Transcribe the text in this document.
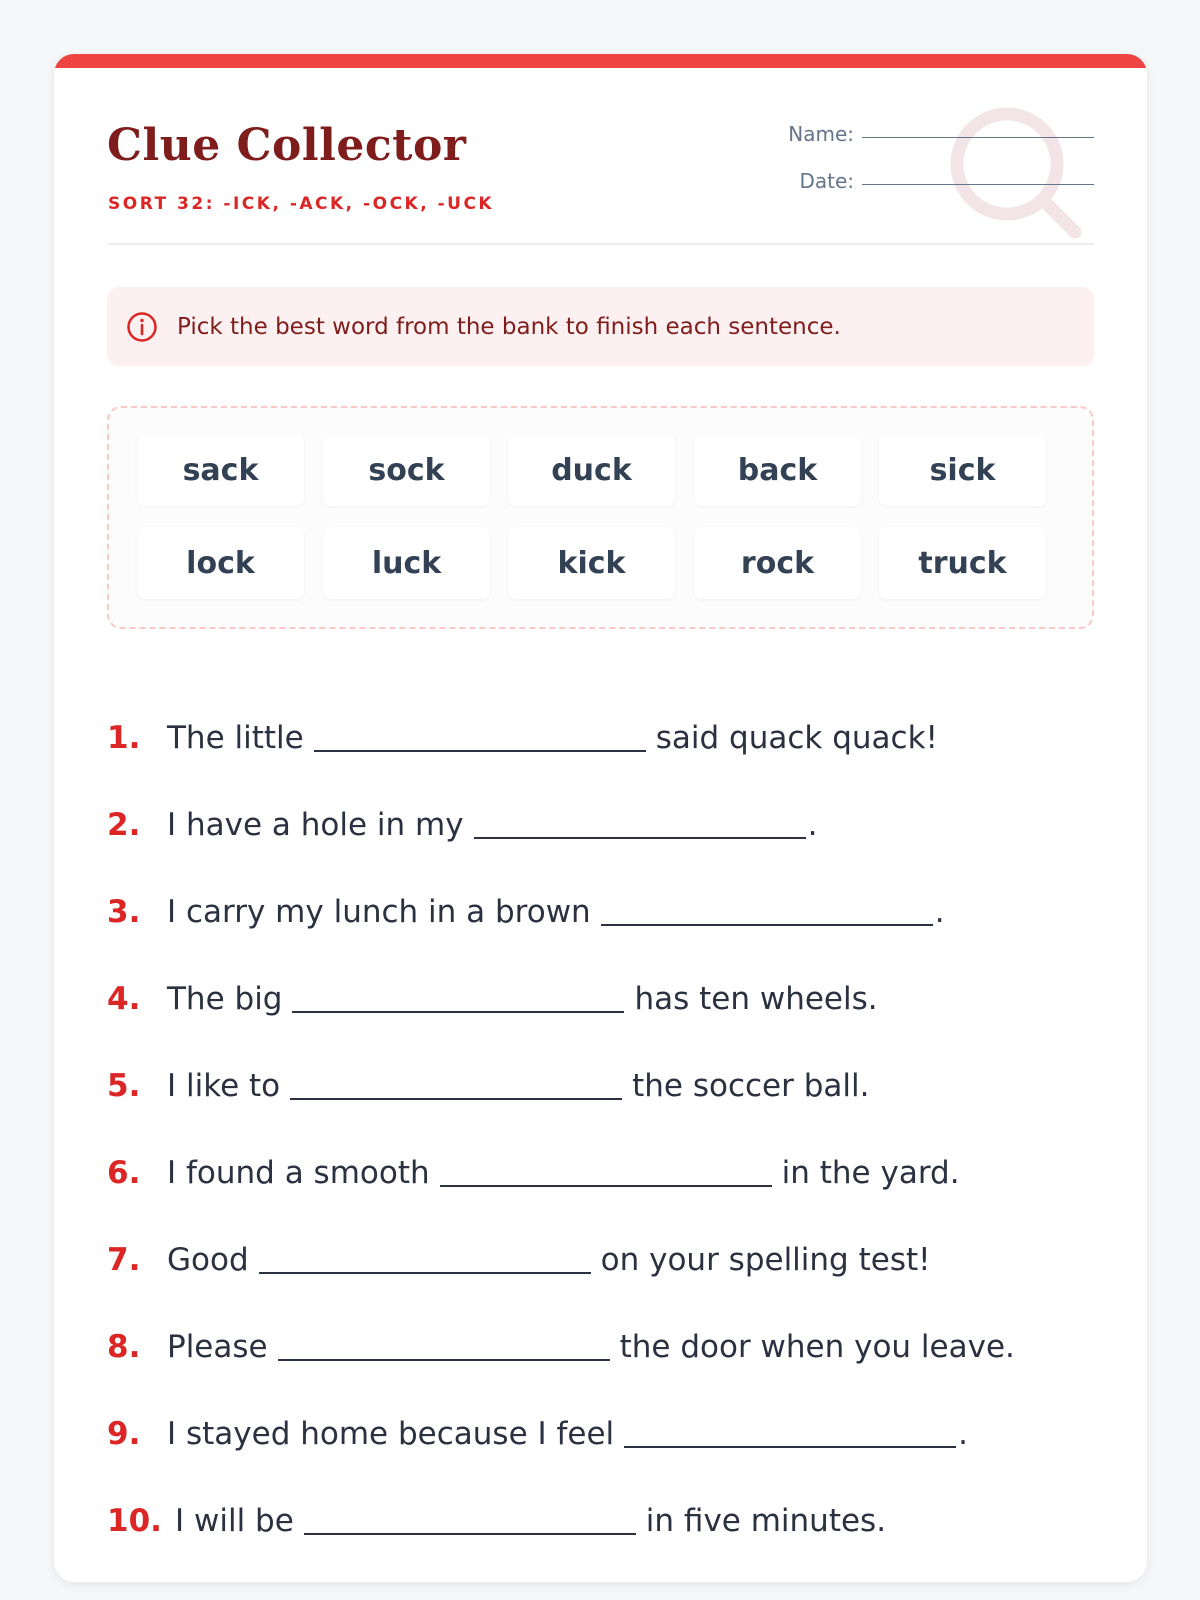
Clue Collector
SORT 32: -ICK, -ACK, -OCK, -UCK
Name:
Date:
Pick the best word from the bank to finish each sentence.
sack	sock	duck	back	sick
lock	luck	kick	rock	truck
1. The little	said quack quack!
2. I have a hole in my	.
3. I carry my lunch in a brown	.
4. The big	has ten wheels.
5. I like to	the soccer ball.
6. I found a smooth	in the yard.
7. Good	on your spelling test!
8. Please	the door when you leave.
9. I stayed home because I feel	.
10. I will be	in five minutes.
